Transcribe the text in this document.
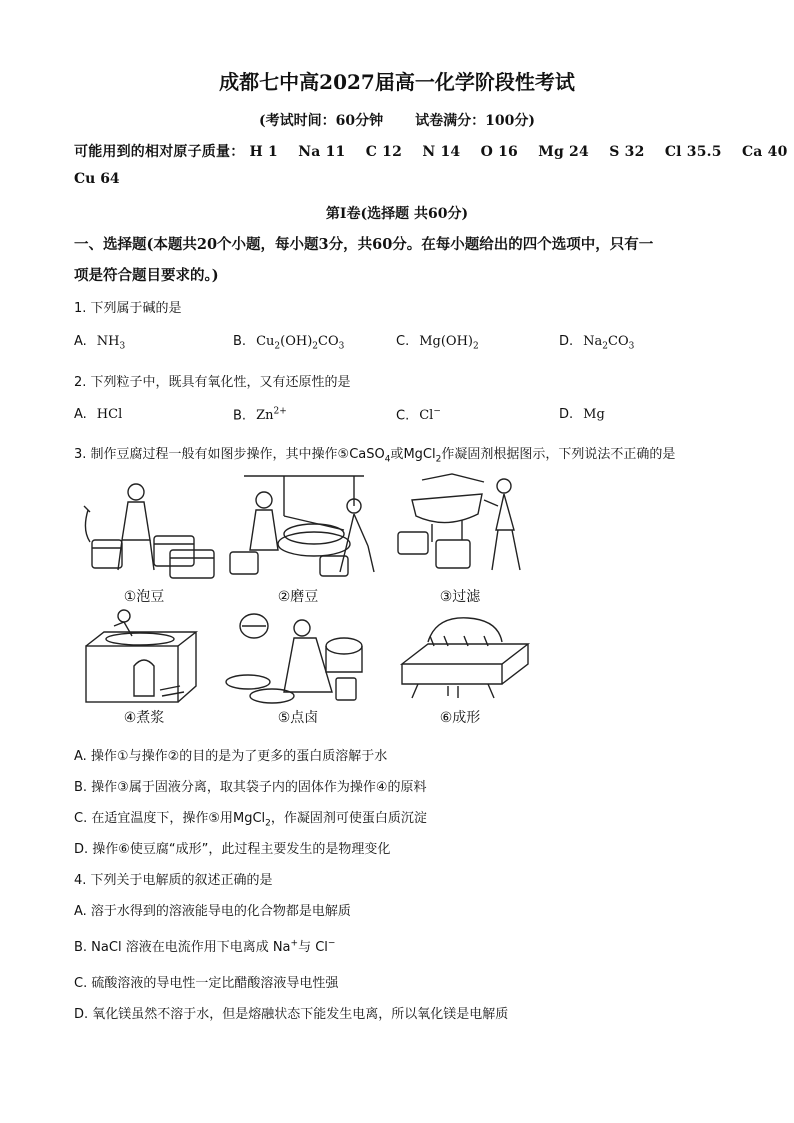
成都七中高2027届高一化学阶段性考试
(考试时间：60分钟 试卷满分：100分)
可能用到的相对原子质量： H 1 Na 11 C 12 N 14 O 16 Mg 24 S 32 Cl 35.5 Ca 40
Cu 64
第Ⅰ卷(选择题 共60分)
一、选择题(本题共20个小题，每小题3分，共60分。在每小题给出的四个选项中，只有一
项是符合题目要求的。)
1. 下列属于碱的是
A. $NH_3$	B. $Cu_2(OH)_2CO_3$	C. $Mg(OH)_2$	D. $Na_2CO_3$
2. 下列粒子中，既具有氧化性，又有还原性的是
A. HCl	B. $Zn^{2+}$	C. Cl−	D. Mg
3. 制作豆腐过程一般有如图步操作，其中操作⑤CaSO$_4$或MgCl$_2$作凝固剂根据图示，下列说法不正确的是
①泡豆	②磨豆	③过滤
④煮浆	⑤点卤	⑥成形
A. 操作①与操作②的目的是为了更多的蛋白质溶解于水
B. 操作③属于固液分离，取其袋子内的固体作为操作④的原料
C. 在适宜温度下，操作⑤用MgCl$_2$，作凝固剂可使蛋白质沉淀
D. 操作⑥使豆腐“成形”，此过程主要发生的是物理变化
4. 下列关于电解质的叙述正确的是
A. 溶于水得到的溶液能导电的化合物都是电解质
B. NaCl 溶液在电流作用下电离成 Na+与 Cl−
C. 硫酸溶液的导电性一定比醋酸溶液导电性强
D. 氧化镁虽然不溶于水，但是熔融状态下能发生电离，所以氧化镁是电解质
